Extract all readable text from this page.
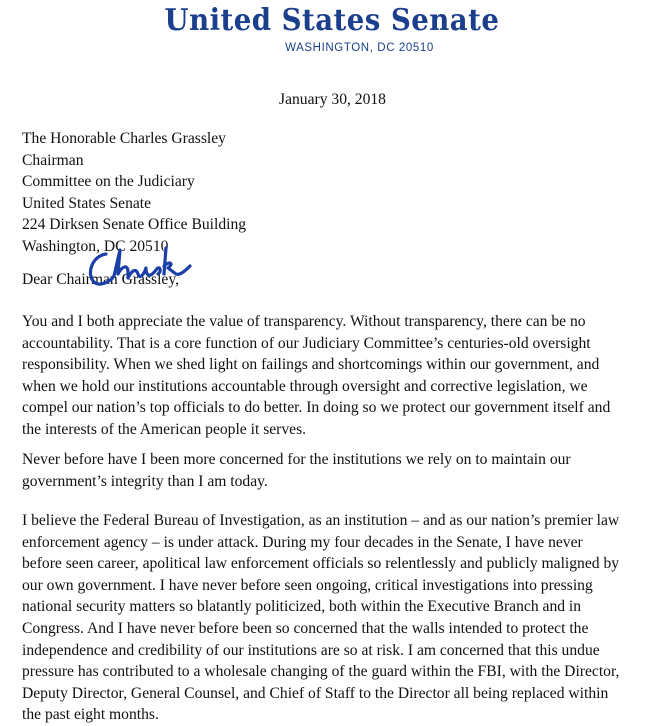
United States Senate
WASHINGTON, DC 20510
January 30, 2018
The Honorable Charles Grassley
Chairman
Committee on the Judiciary
United States Senate
224 Dirksen Senate Office Building
Washington, DC 20510
Dear Chairman Grassley,
You and I both appreciate the value of transparency. Without transparency, there can be no
accountability. That is a core function of our Judiciary Committee’s centuries-old oversight
responsibility. When we shed light on failings and shortcomings within our government, and
when we hold our institutions accountable through oversight and corrective legislation, we
compel our nation’s top officials to do better. In doing so we protect our government itself and
the interests of the American people it serves.
Never before have I been more concerned for the institutions we rely on to maintain our
government’s integrity than I am today.
I believe the Federal Bureau of Investigation, as an institution – and as our nation’s premier law
enforcement agency – is under attack. During my four decades in the Senate, I have never
before seen career, apolitical law enforcement officials so relentlessly and publicly maligned by
our own government. I have never before seen ongoing, critical investigations into pressing
national security matters so blatantly politicized, both within the Executive Branch and in
Congress. And I have never before been so concerned that the walls intended to protect the
independence and credibility of our institutions are so at risk. I am concerned that this undue
pressure has contributed to a wholesale changing of the guard within the FBI, with the Director,
Deputy Director, General Counsel, and Chief of Staff to the Director all being replaced within
the past eight months.
